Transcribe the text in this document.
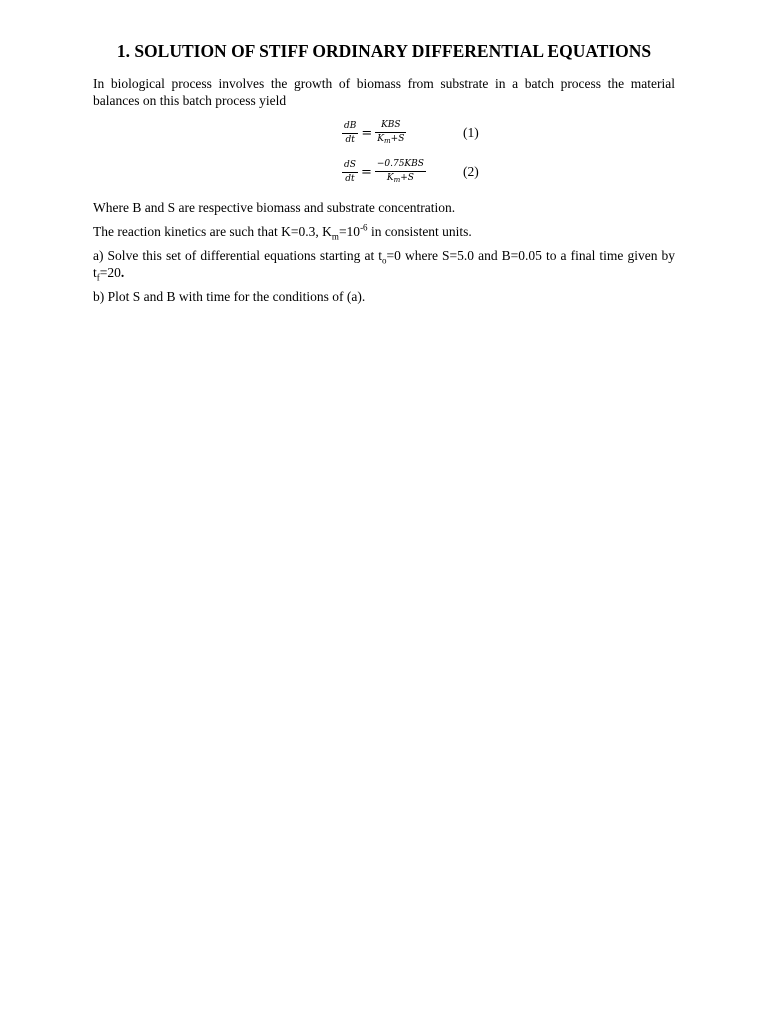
1. SOLUTION OF STIFF ORDINARY DIFFERENTIAL EQUATIONS
In biological process involves the growth of biomass from substrate in a batch process the material balances on this batch process yield
$\frac{dB}{dt} = \frac{\text{KBS}}{K_m+S}$	(1)
$\frac{dS}{dt} = \frac{\text{−0.75KBS}}{K_m+S}$	(2)
Where B and S are respective biomass and substrate concentration.
The reaction kinetics are such that K=0.3, $K_m=10^{-6}$ in consistent units.
a) Solve this set of differential equations starting at $t_o=0$ where S=5.0 and B=0.05 to a final time given by $t_f=20$.
b) Plot S and B with time for the conditions of (a).
